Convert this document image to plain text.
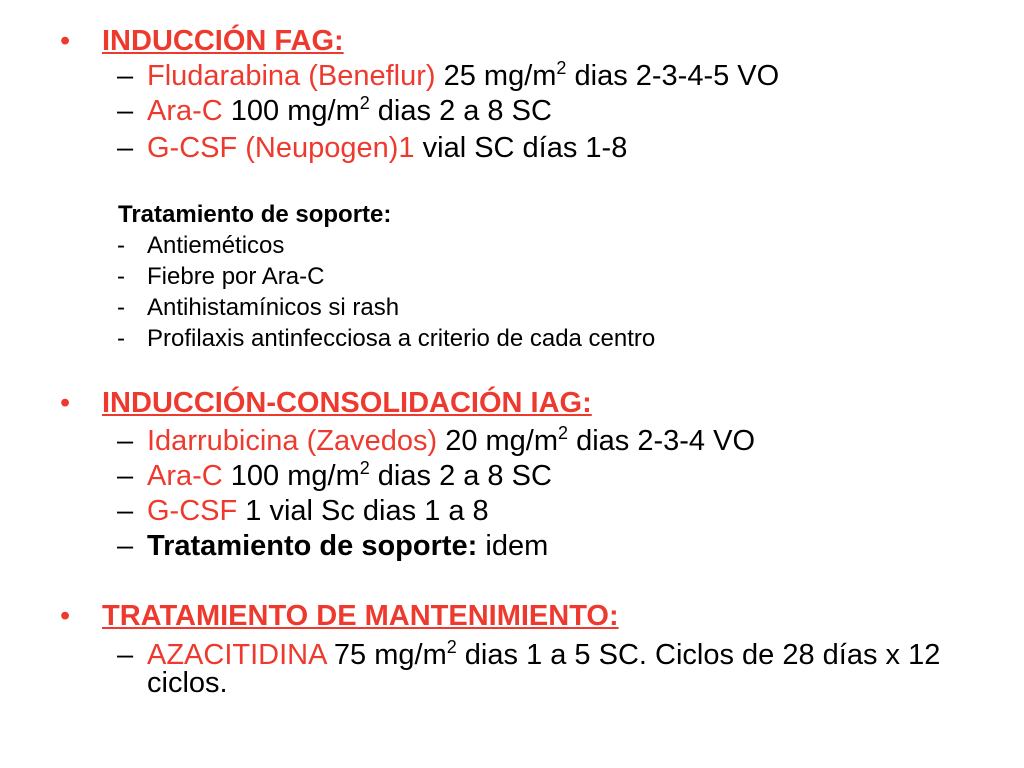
• INDUCCIÓN FAG:
– Fludarabina (Beneflur) 25 $mg/m^2$ dias 2-3-4-5 VO
– Ara-C 100 $mg/m^2$ dias 2 a 8 SC
– G-CSF (Neupogen)1 vial SC días 1-8
Tratamiento de soporte:
- Antieméticos
- Fiebre por Ara-C
- Antihistamínicos si rash
- Profilaxis antinfecciosa a criterio de cada centro
• INDUCCIÓN-CONSOLIDACIÓN IAG:
– Idarrubicina (Zavedos) 20 $mg/m^2$ dias 2-3-4 VO
– Ara-C 100 $mg/m^2$ dias 2 a 8 SC
– G-CSF 1 vial Sc dias 1 a 8
– Tratamiento de soporte: idem
• TRATAMIENTO DE MANTENIMIENTO:
– AZACITIDINA 75 $mg/m^2$ dias 1 a 5 SC. Ciclos de 28 días x 12
ciclos.
